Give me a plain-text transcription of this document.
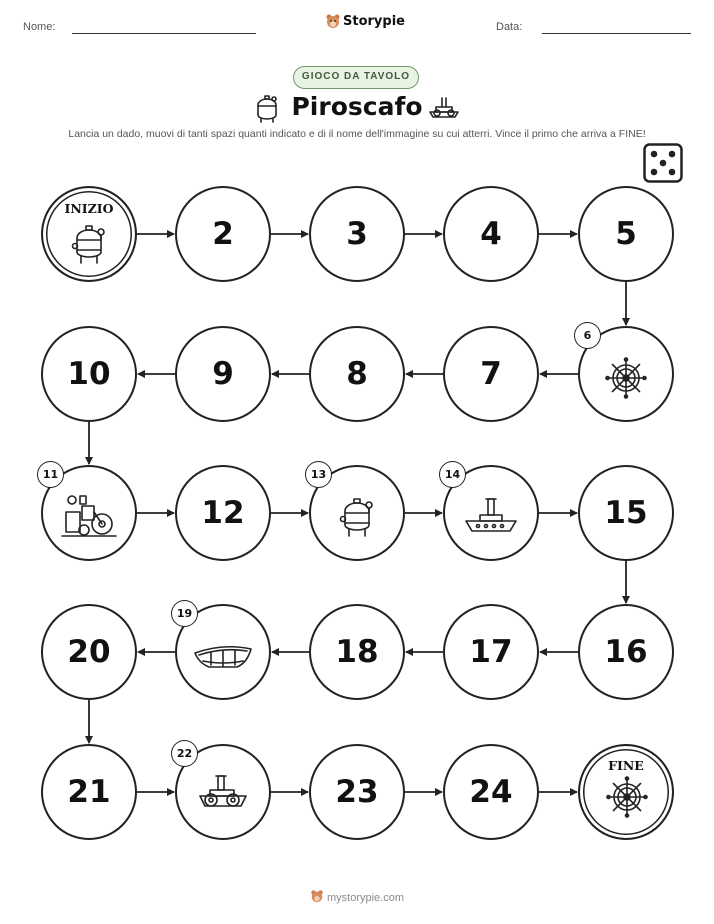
Nome:	Storypie	Data:
GIOCO DA TAVOLO
Piroscafo
Lancia un dado, muovi di tanti spazi quanti indicato e di il nome dell'immagine su cui atterri. Vince il primo che arriva a FINE!
INIZIO
2	3	4	5
6
7
8
9
10
11
12
13	14
15
16
17
18
19
20
21
22
23	24
FINE
mystorypie.com
